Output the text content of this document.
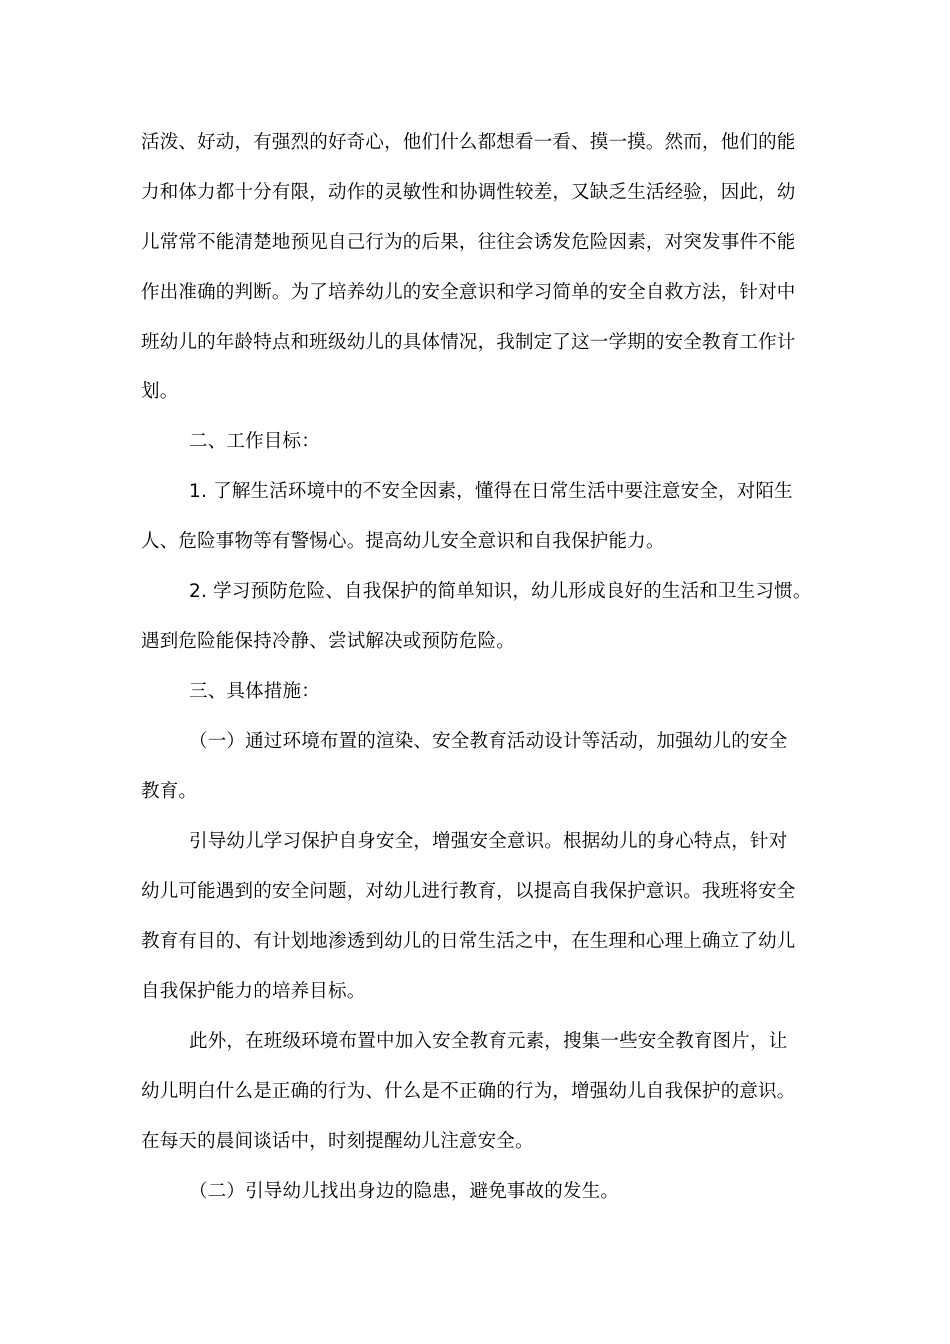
活泼、好动，有强烈的好奇心，他们什么都想看一看、摸一摸。然而，他们的能
力和体力都十分有限，动作的灵敏性和协调性较差，又缺乏生活经验，因此，幼
儿常常不能清楚地预见自己行为的后果，往往会诱发危险因素，对突发事件不能
作出准确的判断。为了培养幼儿的安全意识和学习简单的安全自救方法，针对中
班幼儿的年龄特点和班级幼儿的具体情况，我制定了这一学期的安全教育工作计
划。
二、工作目标：
1. 了解生活环境中的不安全因素，懂得在日常生活中要注意安全，对陌生
人、危险事物等有警惕心。提高幼儿安全意识和自我保护能力。
2. 学习预防危险、自我保护的简单知识，幼儿形成良好的生活和卫生习惯。
遇到危险能保持冷静、尝试解决或预防危险。
三、具体措施：
（一）通过环境布置的渲染、安全教育活动设计等活动，加强幼儿的安全
教育。
引导幼儿学习保护自身安全，增强安全意识。根据幼儿的身心特点，针对
幼儿可能遇到的安全问题，对幼儿进行教育，以提高自我保护意识。我班将安全
教育有目的、有计划地渗透到幼儿的日常生活之中，在生理和心理上确立了幼儿
自我保护能力的培养目标。
此外，在班级环境布置中加入安全教育元素，搜集一些安全教育图片，让
幼儿明白什么是正确的行为、什么是不正确的行为，增强幼儿自我保护的意识。
在每天的晨间谈话中，时刻提醒幼儿注意安全。
（二）引导幼儿找出身边的隐患，避免事故的发生。
